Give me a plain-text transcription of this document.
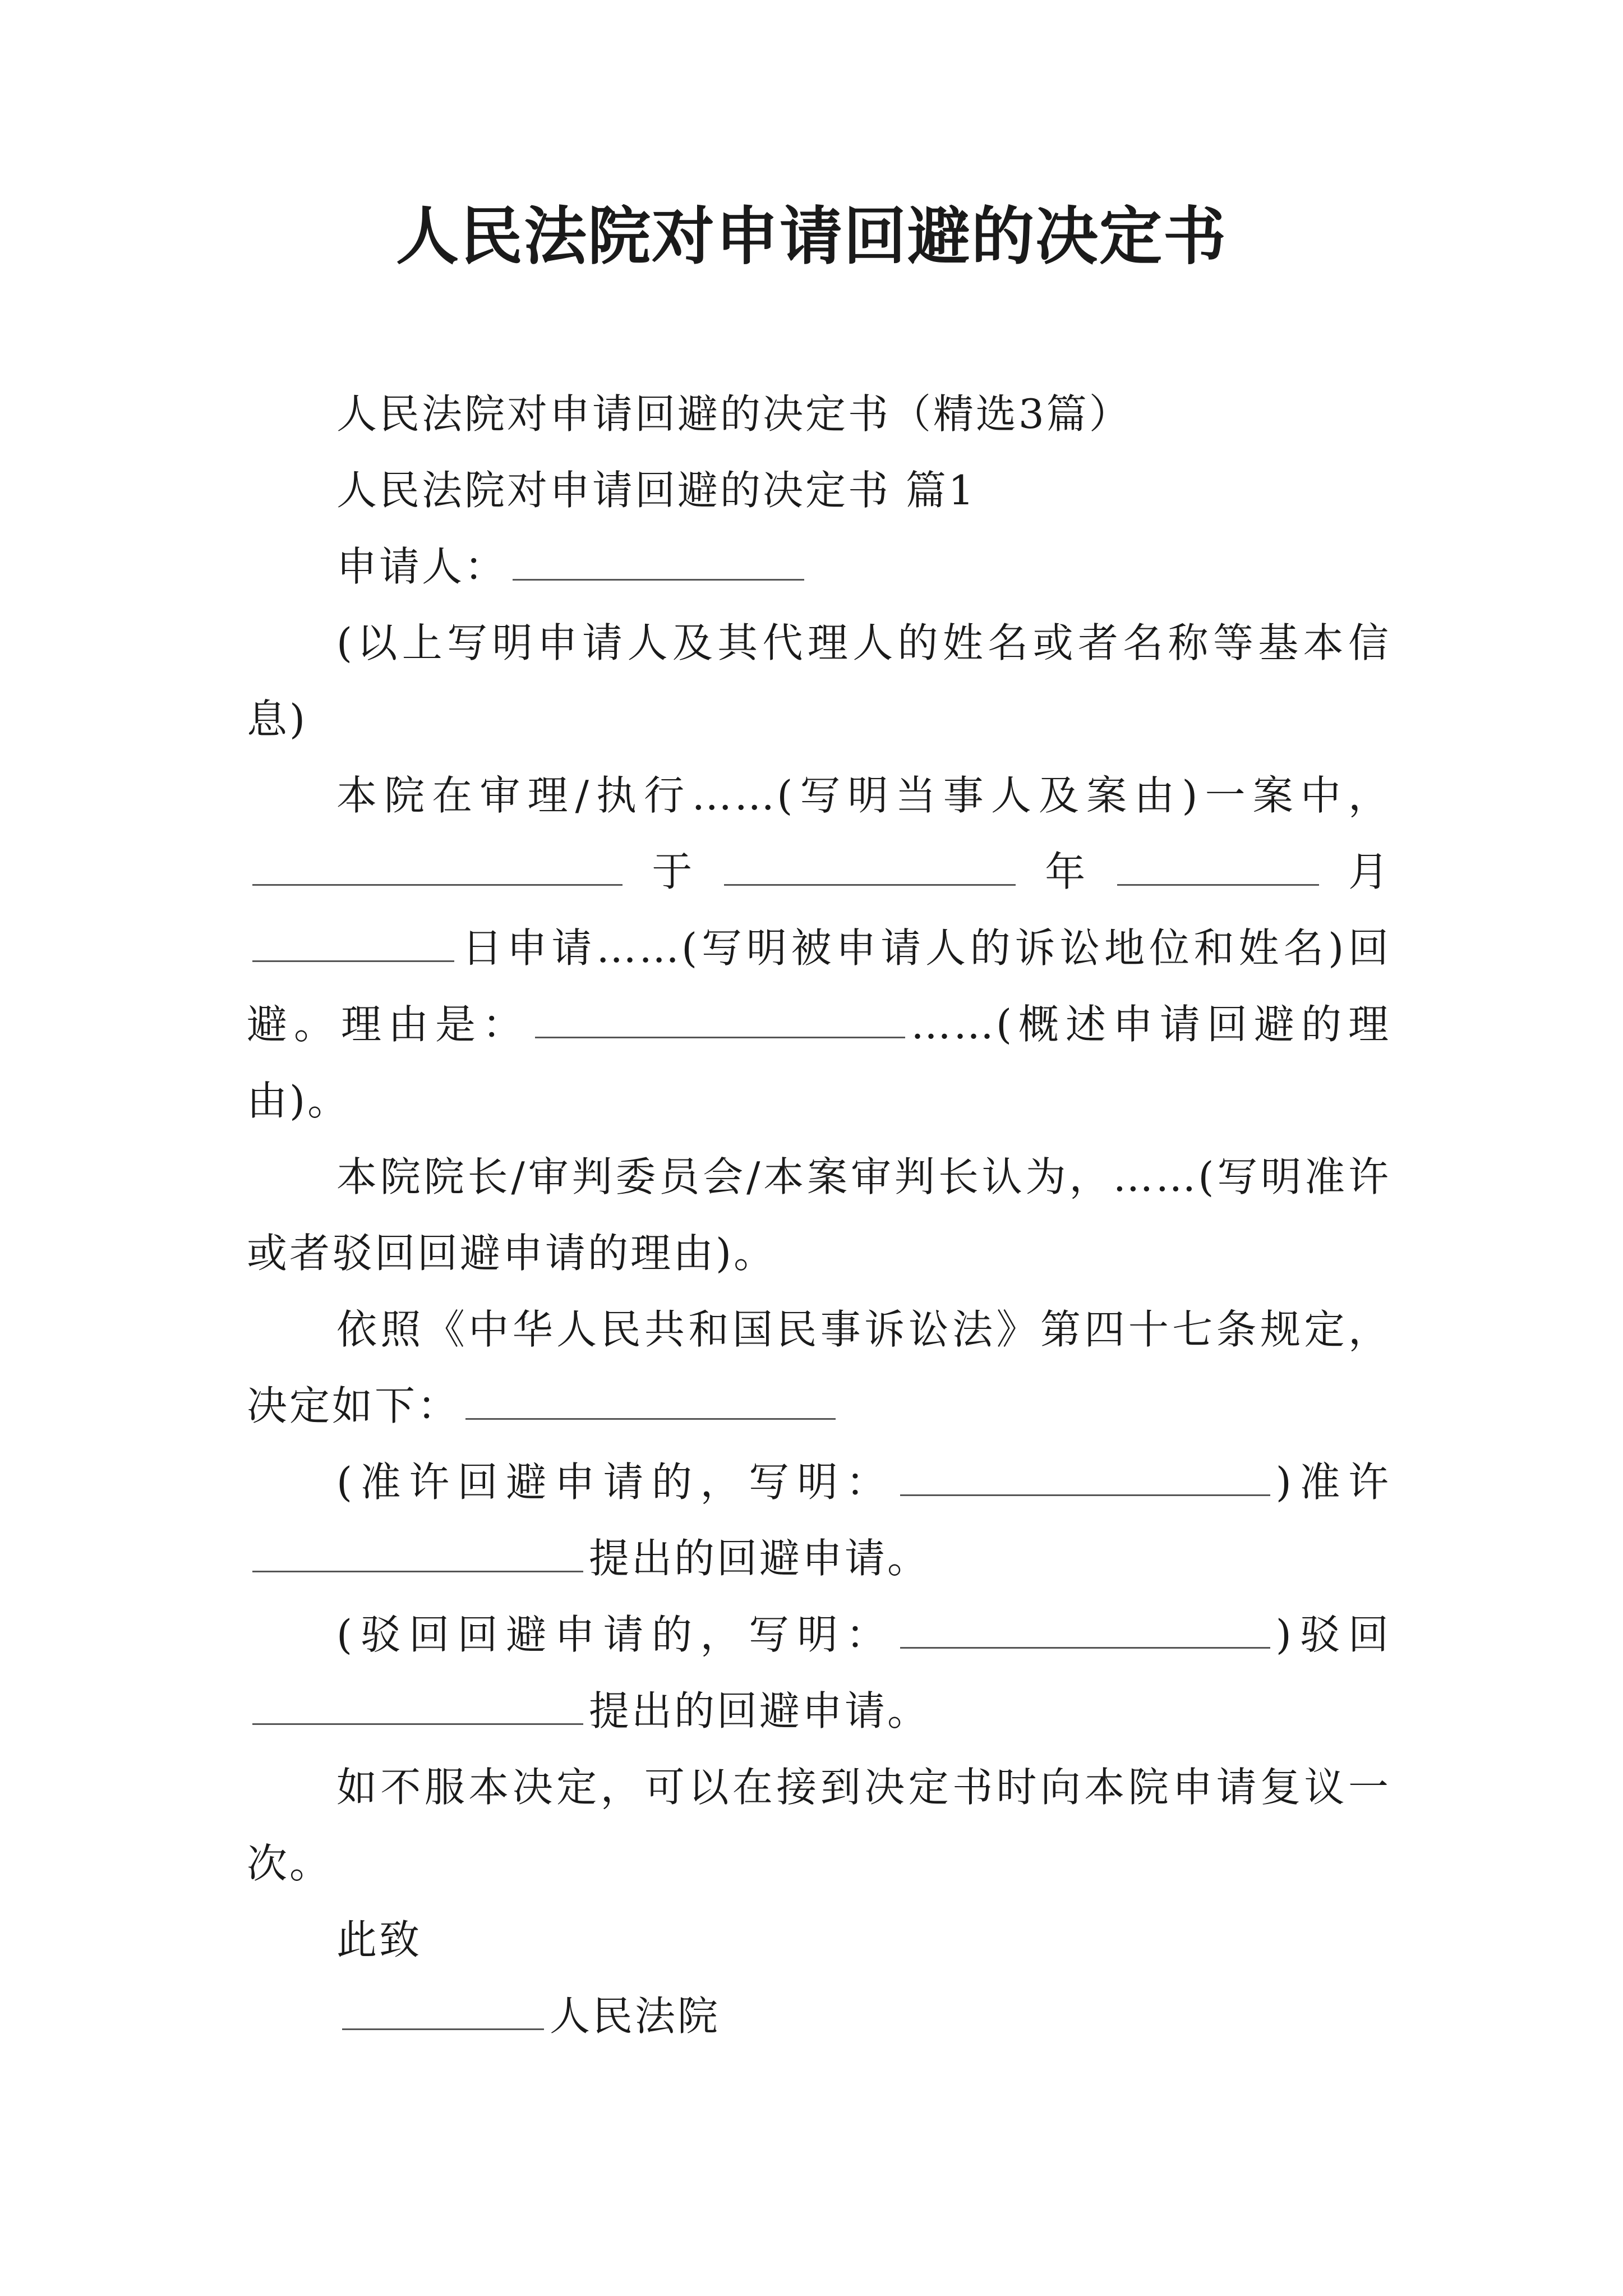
人民法院对申请回避的决定书

人民法院对申请回避的决定书（精选3篇）

人民法院对申请回避的决定书 篇1

申请人：

(以上写明申请人及其代理人的姓名或者名称等基本信息)

本院在审理/执行……(写明当事人及案由)一案中，于	年	月日申请……(写明被申请人的诉讼地位和姓名)回避。理由是：	……(概述申请回避的理由)。

本院院长/审判委员会/本案审判长认为，……(写明准许或者驳回回避申请的理由)。

依照《中华人民共和国民事诉讼法》第四十七条规定，决定如下：

(准许回避申请的，写明：	)准许提出的回避申请。

(驳回回避申请的，写明：	)驳回提出的回避申请。

如不服本决定，可以在接到决定书时向本院申请复议一次。

此致

人民法院
